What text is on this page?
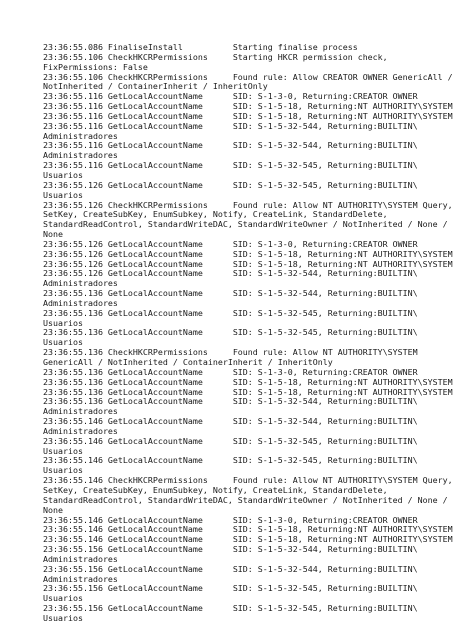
23:36:55.086 FinaliseInstall          Starting finalise process
23:36:55.106 CheckHKCRPermissions     Starting HKCR permission check,
FixPermissions: False
23:36:55.106 CheckHKCRPermissions     Found rule: Allow CREATOR OWNER GenericAll /
NotInherited / ContainerInherit / InheritOnly
23:36:55.116 GetLocalAccountName      SID: S-1-3-0, Returning:CREATOR OWNER
23:36:55.116 GetLocalAccountName      SID: S-1-5-18, Returning:NT AUTHORITY\SYSTEM
23:36:55.116 GetLocalAccountName      SID: S-1-5-18, Returning:NT AUTHORITY\SYSTEM
23:36:55.116 GetLocalAccountName      SID: S-1-5-32-544, Returning:BUILTIN\
Administradores
23:36:55.116 GetLocalAccountName      SID: S-1-5-32-544, Returning:BUILTIN\
Administradores
23:36:55.116 GetLocalAccountName      SID: S-1-5-32-545, Returning:BUILTIN\
Usuarios
23:36:55.126 GetLocalAccountName      SID: S-1-5-32-545, Returning:BUILTIN\
Usuarios
23:36:55.126 CheckHKCRPermissions     Found rule: Allow NT AUTHORITY\SYSTEM Query,
SetKey, CreateSubKey, EnumSubkey, Notify, CreateLink, StandardDelete,
StandardReadControl, StandardWriteDAC, StandardWriteOwner / NotInherited / None /
None
23:36:55.126 GetLocalAccountName      SID: S-1-3-0, Returning:CREATOR OWNER
23:36:55.126 GetLocalAccountName      SID: S-1-5-18, Returning:NT AUTHORITY\SYSTEM
23:36:55.126 GetLocalAccountName      SID: S-1-5-18, Returning:NT AUTHORITY\SYSTEM
23:36:55.126 GetLocalAccountName      SID: S-1-5-32-544, Returning:BUILTIN\
Administradores
23:36:55.136 GetLocalAccountName      SID: S-1-5-32-544, Returning:BUILTIN\
Administradores
23:36:55.136 GetLocalAccountName      SID: S-1-5-32-545, Returning:BUILTIN\
Usuarios
23:36:55.136 GetLocalAccountName      SID: S-1-5-32-545, Returning:BUILTIN\
Usuarios
23:36:55.136 CheckHKCRPermissions     Found rule: Allow NT AUTHORITY\SYSTEM
GenericAll / NotInherited / ContainerInherit / InheritOnly
23:36:55.136 GetLocalAccountName      SID: S-1-3-0, Returning:CREATOR OWNER
23:36:55.136 GetLocalAccountName      SID: S-1-5-18, Returning:NT AUTHORITY\SYSTEM
23:36:55.136 GetLocalAccountName      SID: S-1-5-18, Returning:NT AUTHORITY\SYSTEM
23:36:55.136 GetLocalAccountName      SID: S-1-5-32-544, Returning:BUILTIN\
Administradores
23:36:55.146 GetLocalAccountName      SID: S-1-5-32-544, Returning:BUILTIN\
Administradores
23:36:55.146 GetLocalAccountName      SID: S-1-5-32-545, Returning:BUILTIN\
Usuarios
23:36:55.146 GetLocalAccountName      SID: S-1-5-32-545, Returning:BUILTIN\
Usuarios
23:36:55.146 CheckHKCRPermissions     Found rule: Allow NT AUTHORITY\SYSTEM Query,
SetKey, CreateSubKey, EnumSubkey, Notify, CreateLink, StandardDelete,
StandardReadControl, StandardWriteDAC, StandardWriteOwner / NotInherited / None /
None
23:36:55.146 GetLocalAccountName      SID: S-1-3-0, Returning:CREATOR OWNER
23:36:55.146 GetLocalAccountName      SID: S-1-5-18, Returning:NT AUTHORITY\SYSTEM
23:36:55.146 GetLocalAccountName      SID: S-1-5-18, Returning:NT AUTHORITY\SYSTEM
23:36:55.156 GetLocalAccountName      SID: S-1-5-32-544, Returning:BUILTIN\
Administradores
23:36:55.156 GetLocalAccountName      SID: S-1-5-32-544, Returning:BUILTIN\
Administradores
23:36:55.156 GetLocalAccountName      SID: S-1-5-32-545, Returning:BUILTIN\
Usuarios
23:36:55.156 GetLocalAccountName      SID: S-1-5-32-545, Returning:BUILTIN\
Usuarios
